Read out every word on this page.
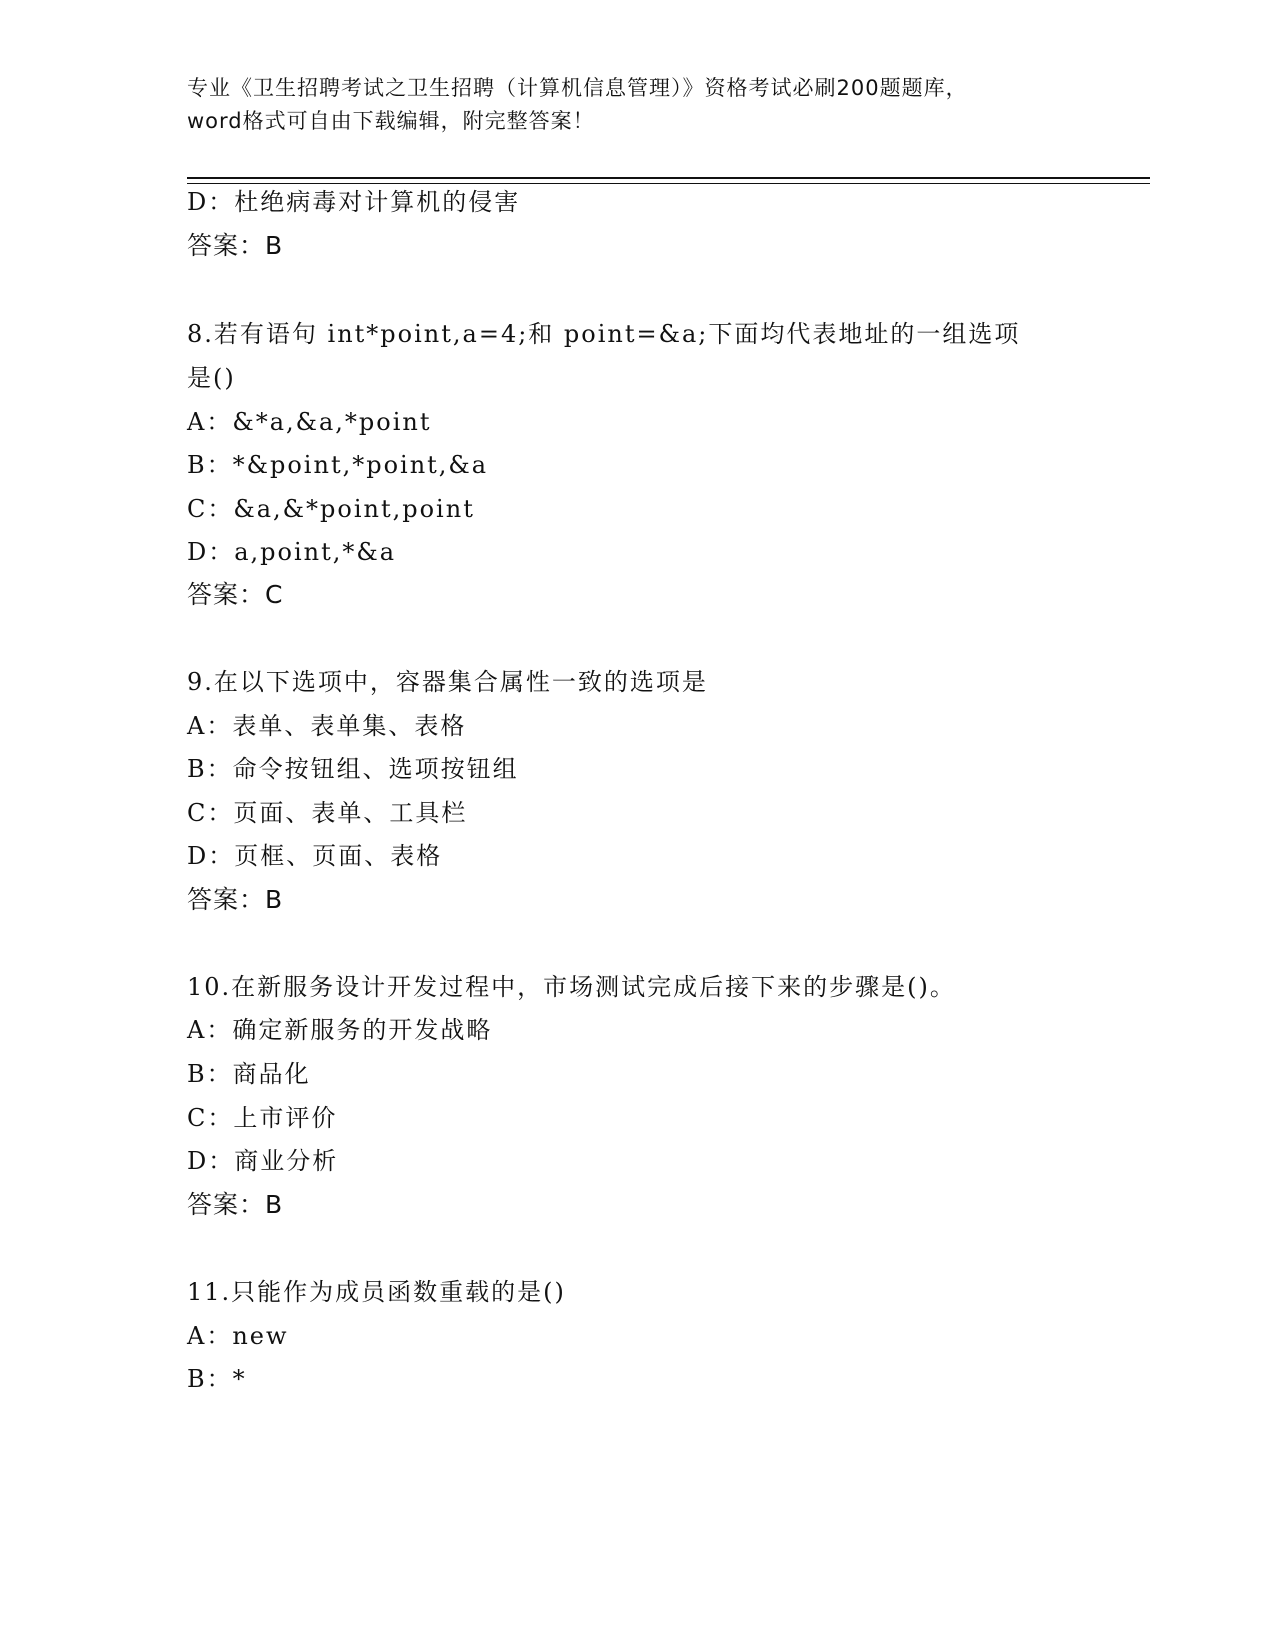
专业《卫生招聘考试之卫生招聘（计算机信息管理）》资格考试必刷200题题库，
word格式可自由下载编辑，附完整答案！
D：杜绝病毒对计算机的侵害
答案：B
8.若有语句 int*point,a=4;和 point=&a;下面均代表地址的一组选项
是()
A：&*a,&a,*point
B：*&point,*point,&a
C：&a,&*point,point
D：a,point,*&a
答案：C
9.在以下选项中，容器集合属性一致的选项是
A：表单、表单集、表格
B：命令按钮组、选项按钮组
C：页面、表单、工具栏
D：页框、页面、表格
答案：B
10.在新服务设计开发过程中，市场测试完成后接下来的步骤是()。
A：确定新服务的开发战略
B：商品化
C：上市评价
D：商业分析
答案：B
11.只能作为成员函数重载的是()
A：new
B：*
